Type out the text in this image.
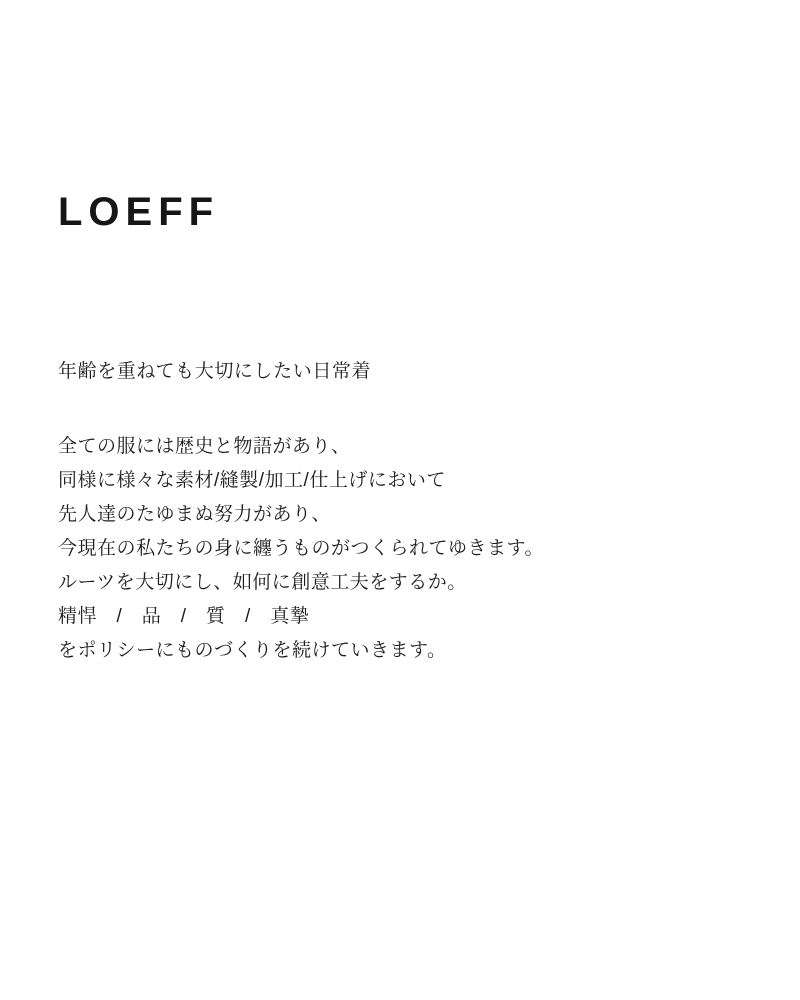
LOEFF
年齢を重ねても大切にしたい日常着
全ての服には歴史と物語があり、
同様に様々な素材/縫製/加工/仕上げにおいて
先人達のたゆまぬ努力があり、
今現在の私たちの身に纏うものがつくられてゆきます。
ルーツを大切にし、如何に創意工夫をするか。
精悍　/　品　/　質　/　真摯
をポリシーにものづくりを続けていきます。
